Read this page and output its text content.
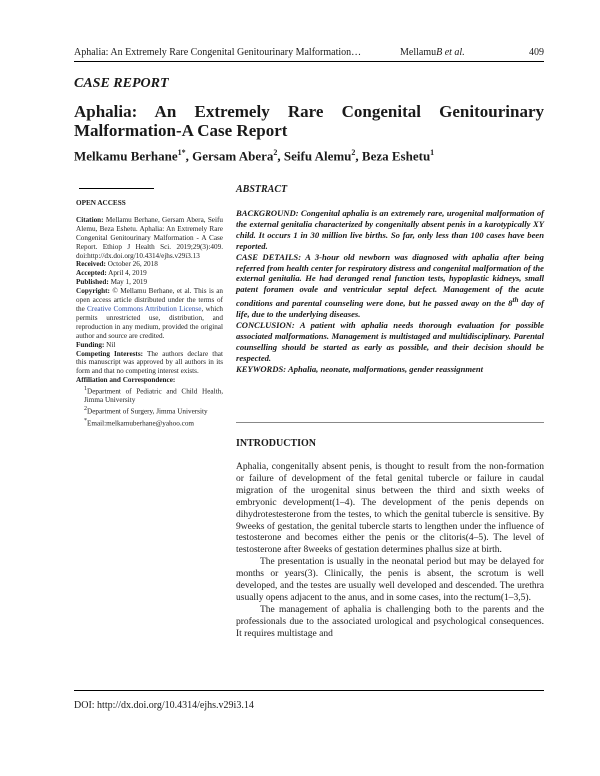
Aphalia: An Extremely Rare Congenital Genitourinary Malformation…	MellamuB et al.	409
CASE REPORT
Aphalia: An Extremely Rare Congenital Genitourinary Malformation-A Case Report
Melkamu Berhane$^{1*}$, Gersam Abera$^2$, Seifu Alemu$^2$, Beza Eshetu$^1$

OPEN ACCESS

Citation: Mellamu Berhane, Gersam Abera, Seifu Alemu, Beza Eshetu. Aphalia: An Extremely Rare Congenital Genitourinary Malformation - A Case Report. Ethiop J Health Sci. 2019;29(3):409. doi:http://dx.doi.org/10.4314/ejhs.v29i3.13

Received: October 26, 2018

Accepted: April 4, 2019

Published: May 1, 2019

Copyright: © Mellamu Berhane, et al. This is an open access article distributed under the terms of the Creative Commons Attribution License, which permits unrestricted use, distribution, and reproduction in any medium, provided the original author and source are credited.

Funding: Nil

Competing Interests: The authors declare that this manuscript was approved by all authors in its form and that no competing interest exists.

Affiliation and Correspondence:

$^1$Department of Pediatric and Child Health, Jimma University

$^2$Department of Surgery, Jimma University

*Email:melkamuberhane@yahoo.com

ABSTRACT

BACKGROUND: Congenital aphalia is an extremely rare, urogenital malformation of the external genitalia characterized by congenitally absent penis in a karotypically XY child. It occurs 1 in 30 million live births. So far, only less than 100 cases have been reported.

CASE DETAILS: A 3-hour old newborn was diagnosed with aphalia after being referred from health center for respiratory distress and congenital malformation of the external genitalia. He had deranged renal function tests, hypoplastic kidneys, small patent foramen ovale and ventricular septal defect. Management of the acute conditions and parental counseling were done, but he passed away on the 8th day of life, due to the underlying diseases.

CONCLUSION: A patient with aphalia needs thorough evaluation for possible associated malformations. Management is multistaged and multidisciplinary. Parental counselling should be started as early as possible, and their decision should be respected.

KEYWORDS: Aphalia, neonate, malformations, gender reassignment

INTRODUCTION

Aphalia, congenitally absent penis, is thought to result from the non-formation or failure of development of the fetal genital tubercle or failure in caudal migration of the urogenital sinus between the third and sixth weeks of embryonic development(1–4). The development of the penis depends on dihydrotestesterone from the testes, to which the genital tubercle is sensitive. By 9weeks of gestation, the genital tubercle starts to lengthen under the influence of testosterone and becomes either the penis or the clitoris(4–5). The level of testosterone after 8weeks of gestation determines phallus size at birth.

The presentation is usually in the neonatal period but may be delayed for months or years(3). Clinically, the penis is absent, the scrotum is well developed, and the testes are usually well developed and descended. The urethra usually opens adjacent to the anus, and in some cases, into the rectum(1–3,5).

The management of aphalia is challenging both to the parents and the professionals due to the associated urological and psychological consequences. It requires multistage and

DOI: http://dx.doi.org/10.4314/ejhs.v29i3.14
